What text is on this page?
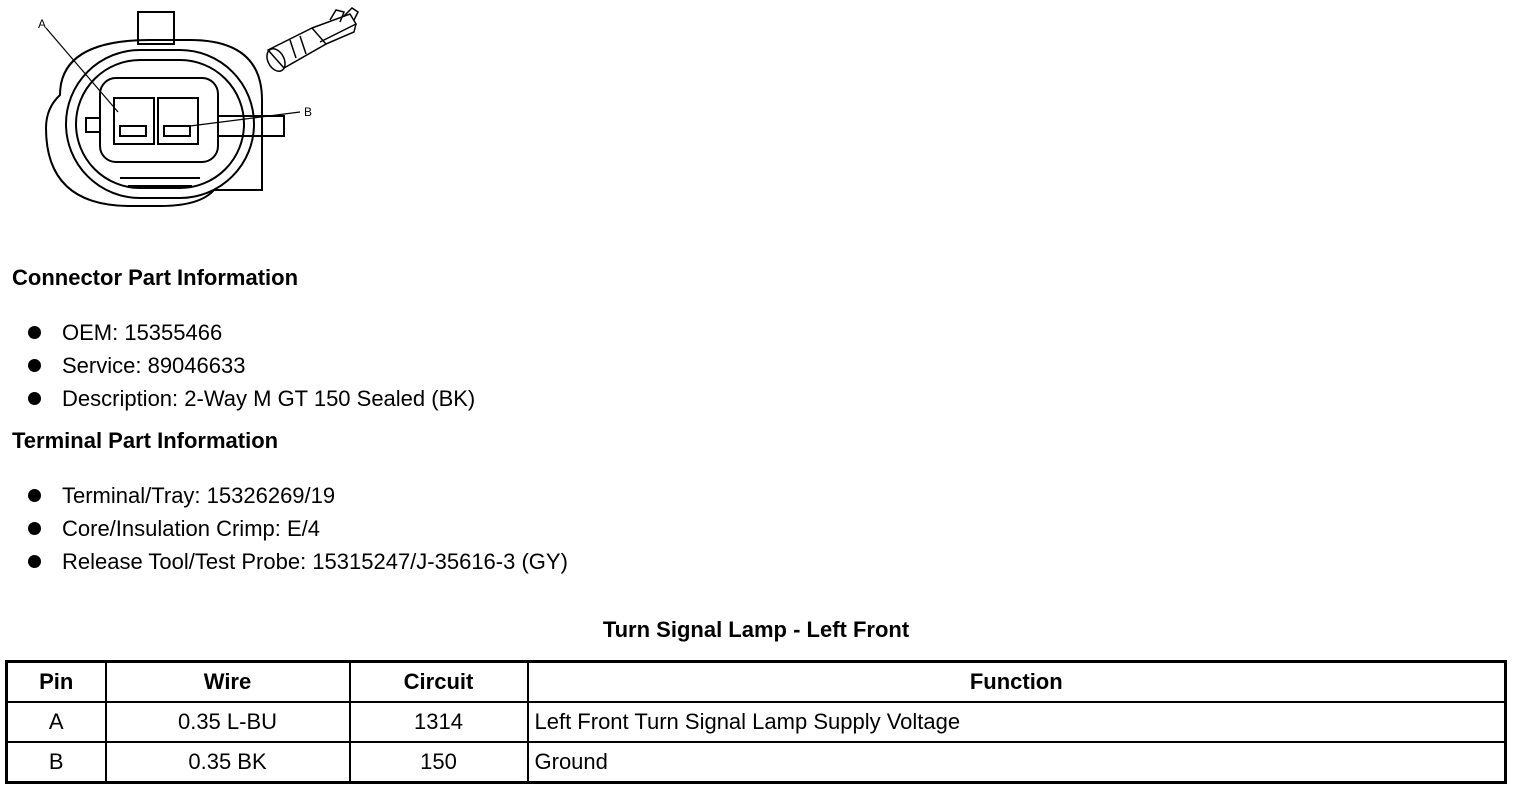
A
B
Connector Part Information
OEM: 15355466
Service: 89046633
Description: 2-Way M GT 150 Sealed (BK)
Terminal Part Information
Terminal/Tray: 15326269/19
Core/Insulation Crimp: E/4
Release Tool/Test Probe: 15315247/J-35616-3 (GY)
Turn Signal Lamp - Left Front
Pin	Wire	Circuit	Function
A	0.35 L-BU	1314	Left Front Turn Signal Lamp Supply Voltage
B	0.35 BK	150	Ground
